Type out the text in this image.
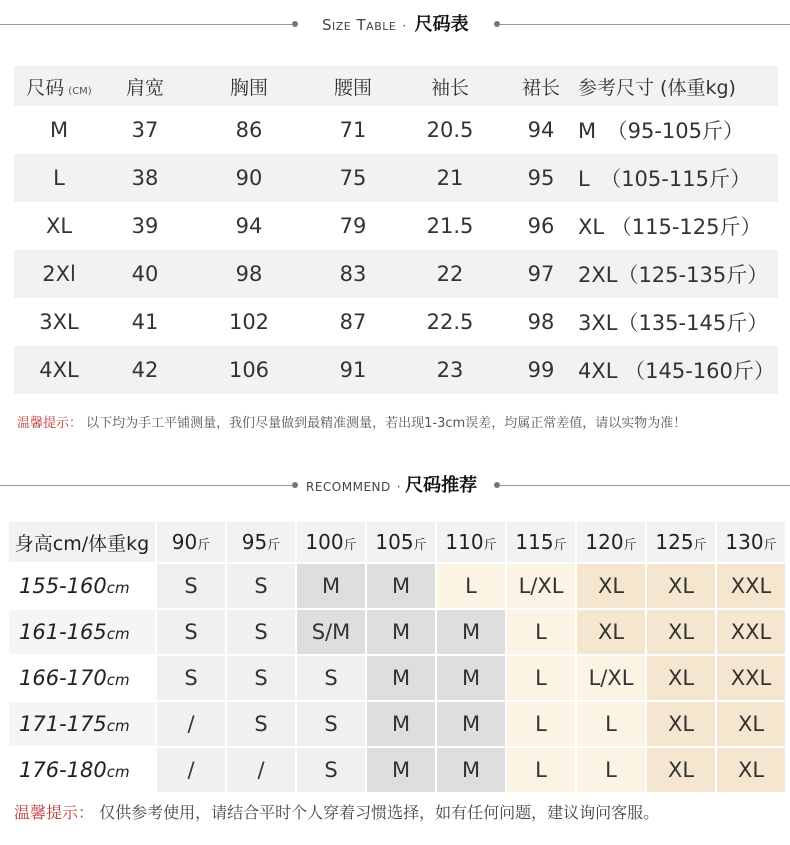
Size Table · 尺码表
尺码 (CM)	肩宽	胸围	腰围	袖长	裙长	参考尺寸 (体重kg)
M	37	86	71	20.5	94	M　（95-105斤）
L	38	90	75	21	95	L　（105-115斤）
XL	39	94	79	21.5	96	XL （115-125斤）
2Xl	40	98	83	22	97	2XL（125-135斤）
3XL	41	102	87	22.5	98	3XL（135-145斤）
4XL	42	106	91	23	99	4XL （145-160斤）
温馨提示： 以下均为手工平铺测量，我们尽量做到最精准测量，若出现1-3cm误差，均属正常差值，请以实物为准！
RECOMMEND · 尺码推荐
身高cm/体重kg	90斤	95斤	100斤	105斤	110斤	115斤	120斤	125斤	130斤
155-160cm	S	S	M	M	L	L/XL	XL	XL	XXL
161-165cm	S	S	S/M	M	M	L	XL	XL	XXL
166-170cm	S	S	S	M	M	L	L/XL	XL	XXL
171-175cm	/	S	S	M	M	L	L	XL	XL
176-180cm	/	/	S	M	M	L	L	XL	XL
温馨提示： 仅供参考使用，请结合平时个人穿着习惯选择，如有任何问题，建议询问客服。
